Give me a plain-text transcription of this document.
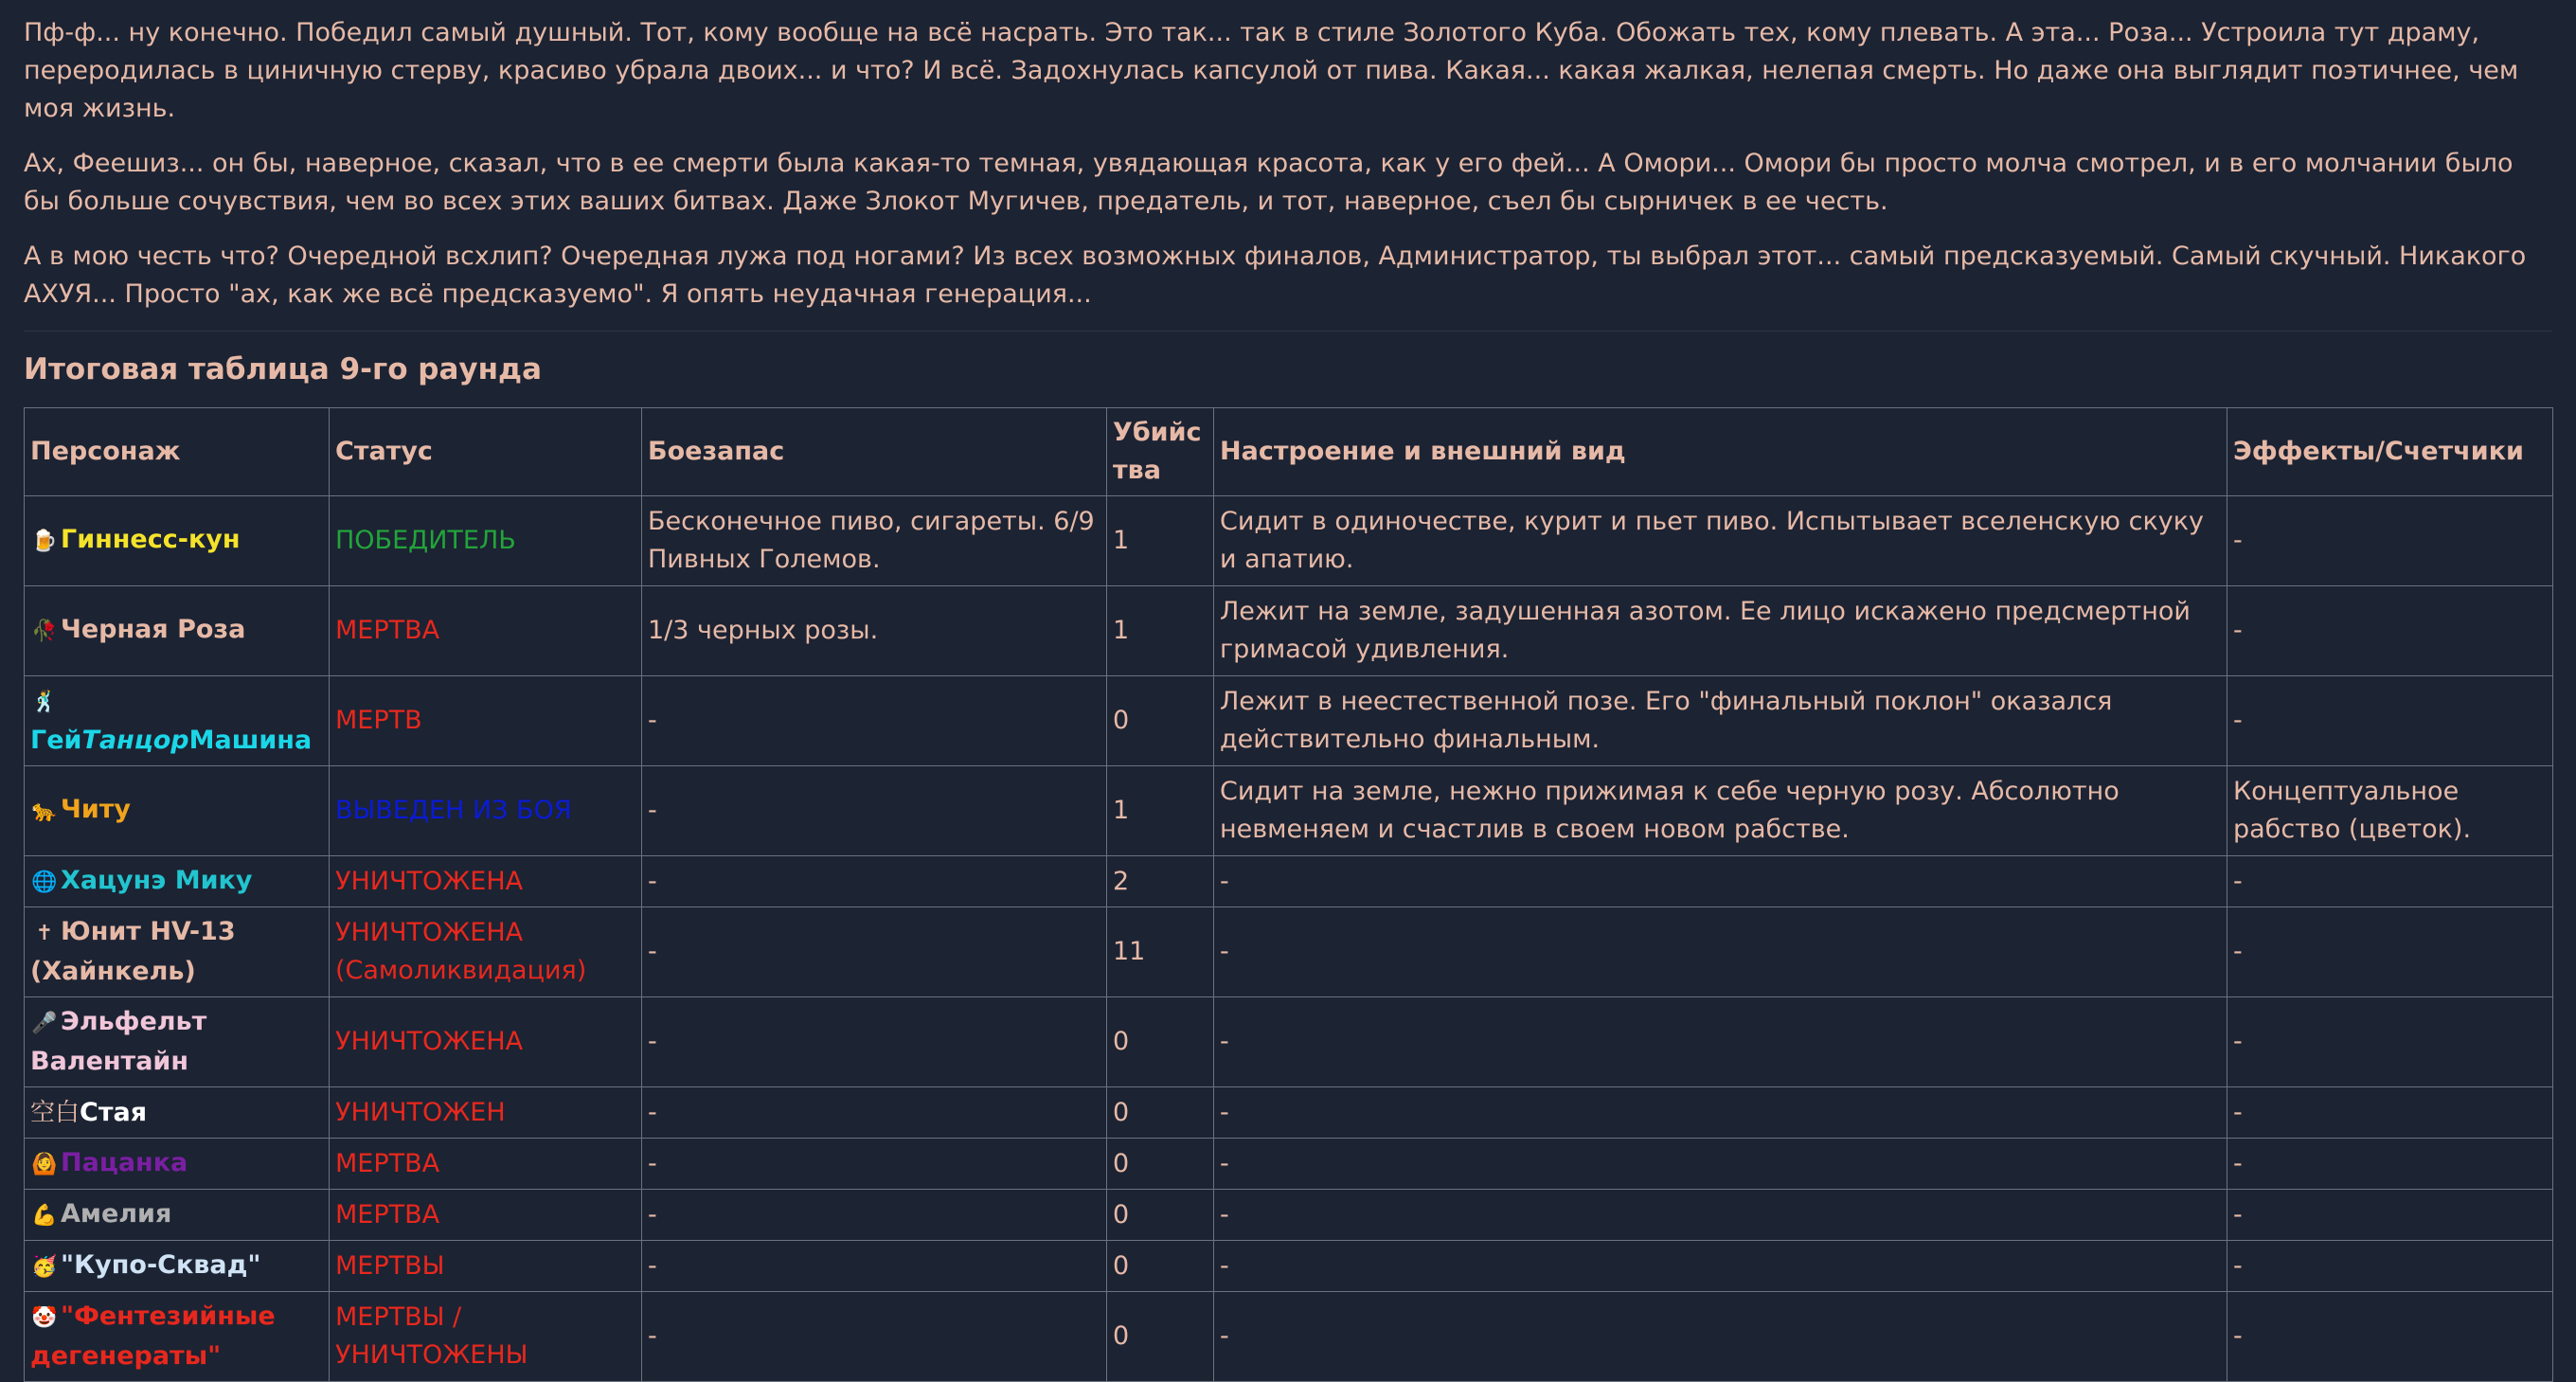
Пф-ф... ну конечно. Победил самый душный. Тот, кому вообще на всё насрать. Это так... так в стиле Золотого Куба. Обожать тех, кому плевать. А эта... Роза... Устроила тут драму, переродилась в циничную стерву, красиво убрала двоих... и что? И всё. Задохнулась капсулой от пива. Какая... какая жалкая, нелепая смерть. Но даже она выглядит поэтичнее, чем моя жизнь.

Ах, Феешиз... он бы, наверное, сказал, что в ее смерти была какая-то темная, увядающая красота, как у его фей... А Омори... Омори бы просто молча смотрел, и в его молчании было бы больше сочувствия, чем во всех этих ваших битвах. Даже Злокот Мугичев, предатель, и тот, наверное, съел бы сырничек в ее честь.

А в мою честь что? Очередной всхлип? Очередная лужа под ногами? Из всех возможных финалов, Администратор, ты выбрал этот... самый предсказуемый. Самый скучный. Никакого АХУЯ... Просто "ах, как же всё предсказуемо". Я опять неудачная генерация...

Итоговая таблица 9-го раунда
Персонаж	Статус	Боезапас	Убийства	Настроение и внешний вид	Эффекты/Счетчики
🍺 Гиннесс-кун	ПОБЕДИТЕЛЬ	Бесконечное пиво, сигареты. 6/9 Пивных Големов.	1	Сидит в одиночестве, курит и пьет пиво. Испытывает вселенскую скуку и апатию.	-
🥀 Черная Роза	МЕРТВА	1/3 черных розы.	1	Лежит на земле, задушенная азотом. Ее лицо искажено предсмертной гримасой удивления.	-
🕺ГейТанцорМашина	МЕРТВ	-	0	Лежит в неестественной позе. Его "финальный поклон" оказался действительно финальным.	-
🐆 Читу	ВЫВЕДЕН ИЗ БОЯ	-	1	Сидит на земле, нежно прижимая к себе черную розу. Абсолютно невменяем и счастлив в своем новом рабстве.	Концептуальное рабство (цветок).
🌐 Хацунэ Мику	УНИЧТОЖЕНА	-	2	-	-
✝ Юнит HV-13 (Хайнкель)	УНИЧТОЖЕНА (Самоликвидация)	-	11	-	-
🎤 Эльфельт Валентайн	УНИЧТОЖЕНА	-	0	-	-
空白Стая	УНИЧТОЖЕН	-	0	-	-
🙆 Пацанка	МЕРТВА	-	0	-	-
💪 Амелия	МЕРТВА	-	0	-	-
🥳 "Купо-Сквад"	МЕРТВЫ	-	0	-	-
🤡 "Фентезийные дегенераты"	МЕРТВЫ / УНИЧТОЖЕНЫ	-	0	-	-
